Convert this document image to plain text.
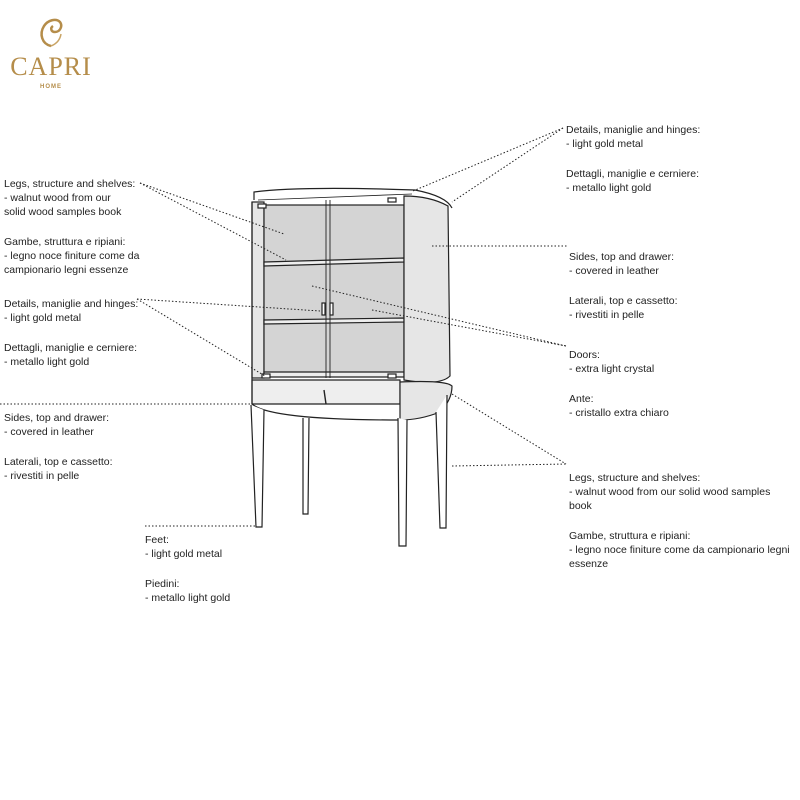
CAPRI
HOME
Details, maniglie and hinges:
- light gold metal
Dettagli, maniglie e cerniere:
- metallo light gold
Legs, structure and shelves:
- walnut wood from our
solid wood samples book
Gambe, struttura e ripiani:
- legno noce finiture come da
campionario legni essenze
Details, maniglie and hinges:
- light gold metal
Dettagli, maniglie e cerniere:
- metallo light gold
Sides, top and drawer:
- covered in leather
Laterali, top e cassetto:
- rivestiti in pelle
Sides, top and drawer:
- covered in leather
Laterali, top e cassetto:
- rivestiti in pelle
Doors:
- extra light crystal
Ante:
- cristallo extra chiaro
Legs, structure and shelves:
- walnut wood from our solid wood samples
book
Gambe, struttura e ripiani:
- legno noce finiture come da campionario legni
essenze
Feet:
- light gold metal
Piedini:
- metallo light gold
